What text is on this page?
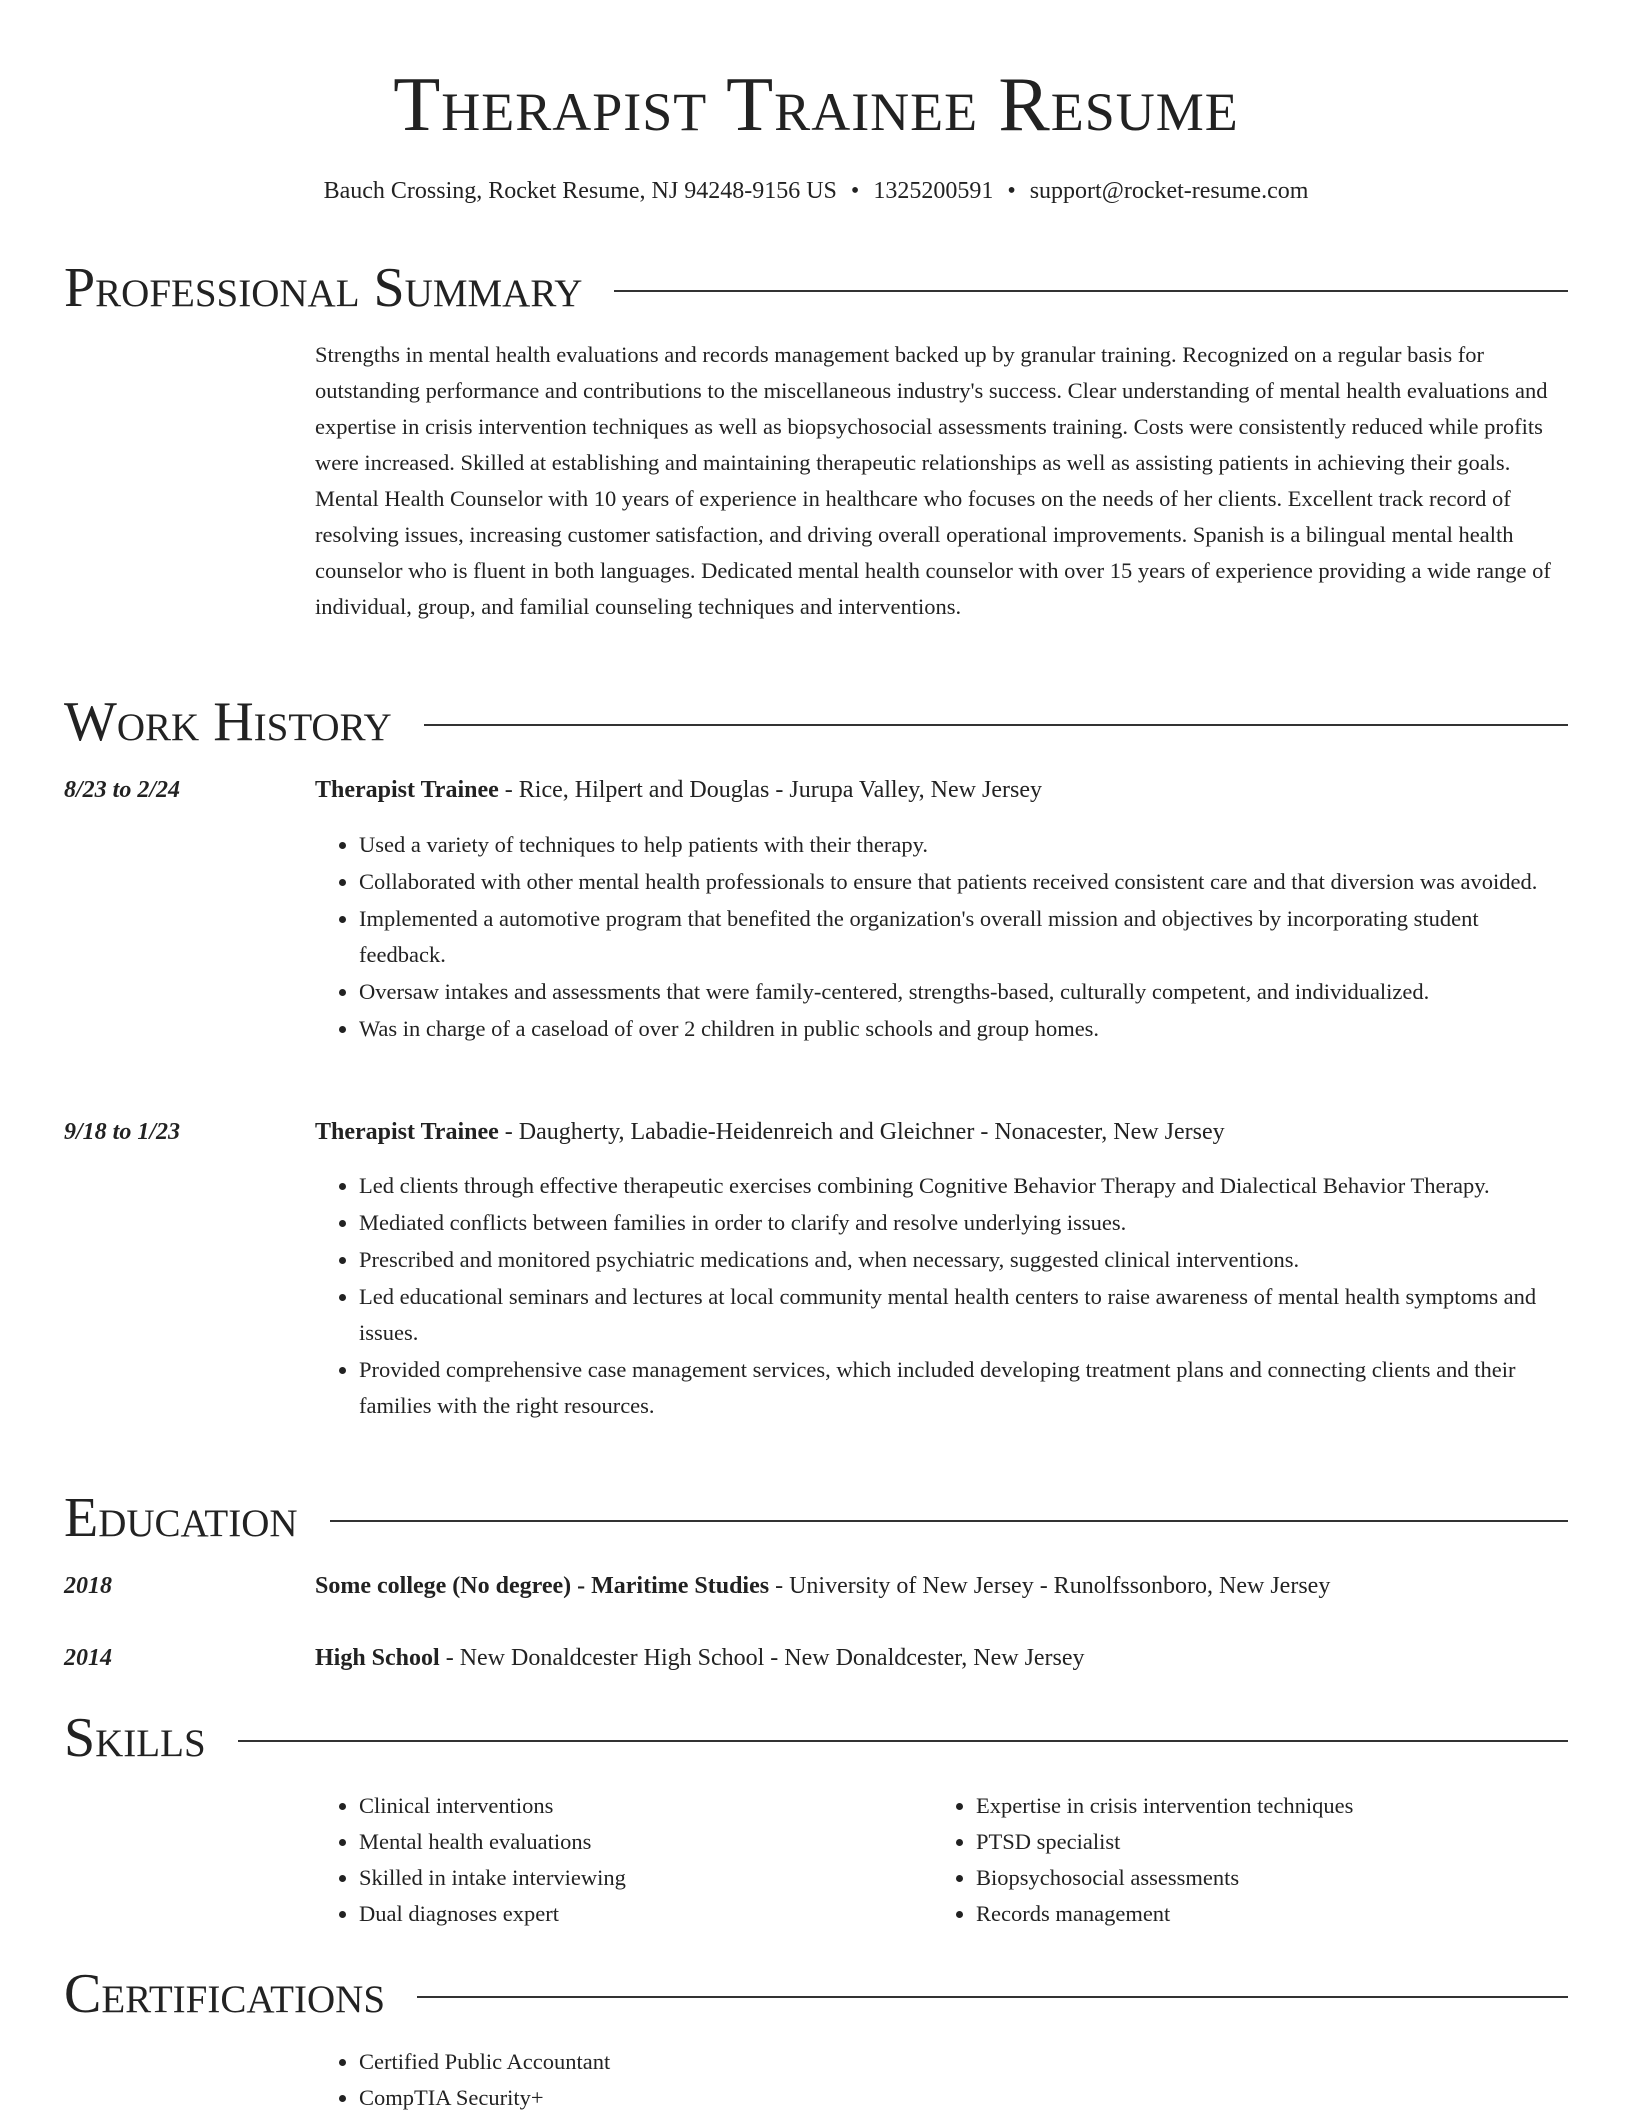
Therapist Trainee Resume
Bauch Crossing, Rocket Resume, NJ 94248-9156 US • 1325200591 • support@rocket-resume.com
Professional Summary
Strengths in mental health evaluations and records management backed up by granular training. Recognized on a regular basis for outstanding performance and contributions to the miscellaneous industry's success. Clear understanding of mental health evaluations and expertise in crisis intervention techniques as well as biopsychosocial assessments training. Costs were consistently reduced while profits were increased. Skilled at establishing and maintaining therapeutic relationships as well as assisting patients in achieving their goals. Mental Health Counselor with 10 years of experience in healthcare who focuses on the needs of her clients. Excellent track record of resolving issues, increasing customer satisfaction, and driving overall operational improvements. Spanish is a bilingual mental health counselor who is fluent in both languages. Dedicated mental health counselor with over 15 years of experience providing a wide range of individual, group, and familial counseling techniques and interventions.
Work History
8/23 to 2/24	Therapist Trainee - Rice, Hilpert and Douglas - Jurupa Valley, New Jersey
• Used a variety of techniques to help patients with their therapy.
• Collaborated with other mental health professionals to ensure that patients received consistent care and that diversion was avoided.
• Implemented a automotive program that benefited the organization's overall mission and objectives by incorporating student feedback.
• Oversaw intakes and assessments that were family-centered, strengths-based, culturally competent, and individualized.
• Was in charge of a caseload of over 2 children in public schools and group homes.
9/18 to 1/23	Therapist Trainee - Daugherty, Labadie-Heidenreich and Gleichner - Nonacester, New Jersey
• Led clients through effective therapeutic exercises combining Cognitive Behavior Therapy and Dialectical Behavior Therapy.
• Mediated conflicts between families in order to clarify and resolve underlying issues.
• Prescribed and monitored psychiatric medications and, when necessary, suggested clinical interventions.
• Led educational seminars and lectures at local community mental health centers to raise awareness of mental health symptoms and issues.
• Provided comprehensive case management services, which included developing treatment plans and connecting clients and their families with the right resources.
Education
2018	Some college (No degree) - Maritime Studies - University of New Jersey - Runolfssonboro, New Jersey
2014	High School - New Donaldcester High School - New Donaldcester, New Jersey
Skills
• Clinical interventions
• Mental health evaluations
• Skilled in intake interviewing
• Dual diagnoses expert
• Expertise in crisis intervention techniques
• PTSD specialist
• Biopsychosocial assessments
• Records management
Certifications
• Certified Public Accountant
• CompTIA Security+
